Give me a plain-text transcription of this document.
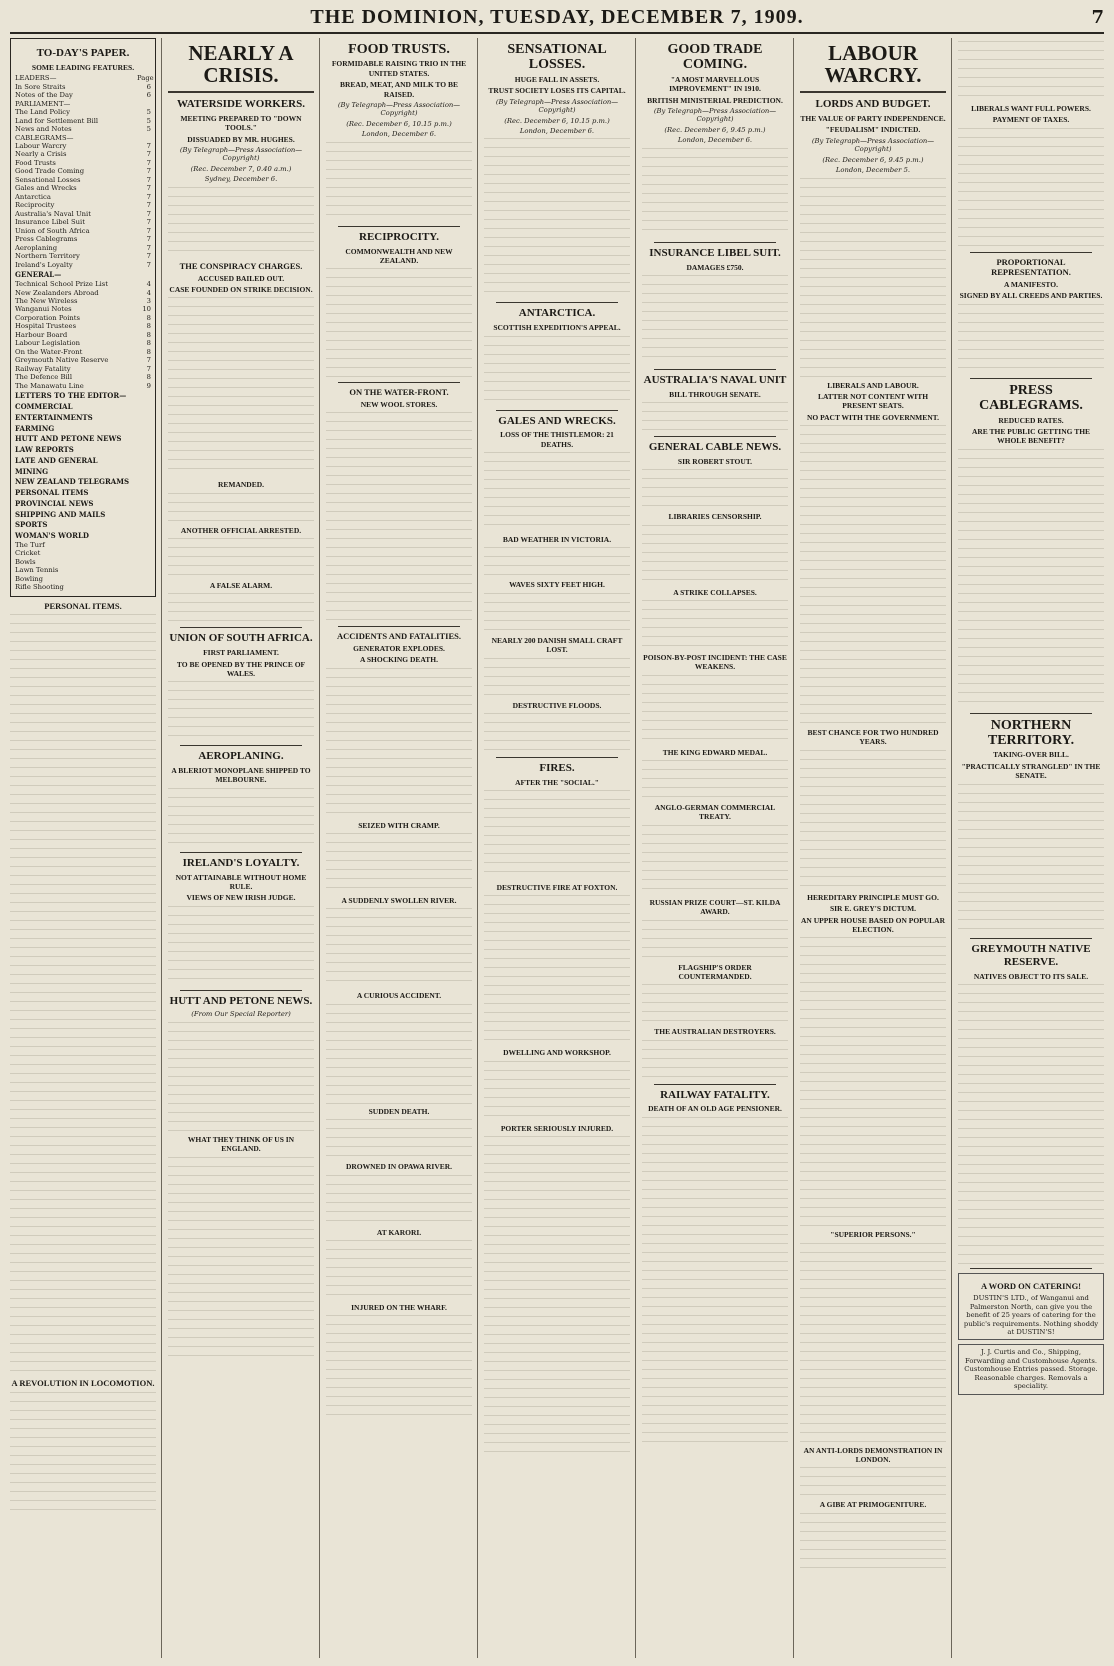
THE DOMINION, TUESDAY, DECEMBER 7, 1909.	7
TO-DAY'S PAPER.
SOME LEADING FEATURES.
LEADERS—	Page
In Sore Straits	6
Notes of the Day	6
PARLIAMENT—
The Land Policy	5
Land for Settlement Bill	5
News and Notes	5
CABLEGRAMS—
Labour Warcry	7
Nearly a Crisis	7
Food Trusts	7
Good Trade Coming	7
Sensational Losses	7
Gales and Wrecks	7
Antarctica	7
Reciprocity	7
Australia's Naval Unit	7
Insurance Libel Suit	7
Union of South Africa	7
Press Cablegrams	7
Aeroplaning	7
Northern Territory	7
Ireland's Loyalty	7
GENERAL—
Technical School Prize List	4
New Zealanders Abroad	4
The New Wireless	3
Wanganui Notes	10
Corporation Points	8
Hospital Trustees	8
Harbour Board	8
Labour Legislation	8
On the Water-Front	8
Greymouth Native Reserve	7
Railway Fatality	7
The Defence Bill	8
The Manawatu Line	9
LETTERS TO THE EDITOR—
COMMERCIAL
ENTERTAINMENTS
FARMING
HUTT AND PETONE NEWS
LAW REPORTS
LATE AND GENERAL
MINING
NEW ZEALAND TELEGRAMS
PERSONAL ITEMS
PROVINCIAL NEWS
SHIPPING AND MAILS
SPORTS
WOMAN'S WORLD
The Turf
Cricket
Bowls
Lawn Tennis
Bowling
Rifle Shooting
PERSONAL ITEMS.
A REVOLUTION IN LOCOMOTION.
NEARLY A CRISIS.
WATERSIDE WORKERS.
MEETING PREPARED TO "DOWN TOOLS."
DISSUADED BY MR. HUGHES.
(By Telegraph—Press Association—Copyright)
(Rec. December 7, 0.40 a.m.)
Sydney, December 6.
THE CONSPIRACY CHARGES.
ACCUSED BAILED OUT.
CASE FOUNDED ON STRIKE DECISION.
REMANDED.
ANOTHER OFFICIAL ARRESTED.
A FALSE ALARM.
UNION OF SOUTH AFRICA.
FIRST PARLIAMENT.
TO BE OPENED BY THE PRINCE OF WALES.
AEROPLANING.
A BLERIOT MONOPLANE SHIPPED TO MELBOURNE.
IRELAND'S LOYALTY.
NOT ATTAINABLE WITHOUT HOME RULE.
VIEWS OF NEW IRISH JUDGE.
HUTT AND PETONE NEWS.
(From Our Special Reporter)
WHAT THEY THINK OF US IN ENGLAND.
FOOD TRUSTS.
FORMIDABLE RAISING TRIO IN THE UNITED STATES.
BREAD, MEAT, AND MILK TO BE RAISED.
(By Telegraph—Press Association—Copyright)
(Rec. December 6, 10.15 p.m.)
London, December 6.
RECIPROCITY.
COMMONWEALTH AND NEW ZEALAND.
ON THE WATER-FRONT.
NEW WOOL STORES.
ACCIDENTS AND FATALITIES.
GENERATOR EXPLODES.
A SHOCKING DEATH.
SEIZED WITH CRAMP.
A SUDDENLY SWOLLEN RIVER.
A CURIOUS ACCIDENT.
SUDDEN DEATH.
DROWNED IN OPAWA RIVER.
AT KARORI.
INJURED ON THE WHARF.
SENSATIONAL LOSSES.
HUGE FALL IN ASSETS.
TRUST SOCIETY LOSES ITS CAPITAL.
(By Telegraph—Press Association—Copyright)
(Rec. December 6, 10.15 p.m.)
London, December 6.
ANTARCTICA.
SCOTTISH EXPEDITION'S APPEAL.
GALES AND WRECKS.
LOSS OF THE THISTLEMOR: 21 DEATHS.
BAD WEATHER IN VICTORIA.
WAVES SIXTY FEET HIGH.
NEARLY 200 DANISH SMALL CRAFT LOST.
DESTRUCTIVE FLOODS.
FIRES.
AFTER THE "SOCIAL."
DESTRUCTIVE FIRE AT FOXTON.
DWELLING AND WORKSHOP.
PORTER SERIOUSLY INJURED.
GOOD TRADE COMING.
"A MOST MARVELLOUS IMPROVEMENT" IN 1910.
BRITISH MINISTERIAL PREDICTION.
(By Telegraph—Press Association—Copyright)
(Rec. December 6, 9.45 p.m.)
London, December 6.
INSURANCE LIBEL SUIT.
DAMAGES £750.
AUSTRALIA'S NAVAL UNIT
BILL THROUGH SENATE.
GENERAL CABLE NEWS.
SIR ROBERT STOUT.
LIBRARIES CENSORSHIP.
A STRIKE COLLAPSES.
POISON-BY-POST INCIDENT: THE CASE WEAKENS.
THE KING EDWARD MEDAL.
ANGLO-GERMAN COMMERCIAL TREATY.
RUSSIAN PRIZE COURT—ST. KILDA AWARD.
FLAGSHIP'S ORDER COUNTERMANDED.
THE AUSTRALIAN DESTROYERS.
RAILWAY FATALITY.
DEATH OF AN OLD AGE PENSIONER.
LABOUR WARCRY.
LORDS AND BUDGET.
THE VALUE OF PARTY INDEPENDENCE.
"FEUDALISM" INDICTED.
(By Telegraph—Press Association—Copyright)
(Rec. December 6, 9.45 p.m.)
London, December 5.
LIBERALS AND LABOUR.
LATTER NOT CONTENT WITH PRESENT SEATS.
NO PACT WITH THE GOVERNMENT.
BEST CHANCE FOR TWO HUNDRED YEARS.
HEREDITARY PRINCIPLE MUST GO.
SIR E. GREY'S DICTUM.
AN UPPER HOUSE BASED ON POPULAR ELECTION.
"SUPERIOR PERSONS."
AN ANTI-LORDS DEMONSTRATION IN LONDON.
A GIBE AT PRIMOGENITURE.
LIBERALS WANT FULL POWERS.
PAYMENT OF TAXES.
PROPORTIONAL REPRESENTATION.
A MANIFESTO.
SIGNED BY ALL CREEDS AND PARTIES.
PRESS CABLEGRAMS.
REDUCED RATES.
ARE THE PUBLIC GETTING THE WHOLE BENEFIT?
NORTHERN TERRITORY.
TAKING-OVER BILL.
"PRACTICALLY STRANGLED" IN THE SENATE.
GREYMOUTH NATIVE RESERVE.
NATIVES OBJECT TO ITS SALE.
A WORD ON CATERING!
DUSTIN'S LTD., of Wanganui and Palmerston North, can give you the benefit of 25 years of catering for the public's requirements. Nothing shoddy at DUSTIN'S!
J. J. Curtis and Co., Shipping, Forwarding and Customhouse Agents. Customhouse Entries passed. Storage. Reasonable charges. Removals a speciality.
